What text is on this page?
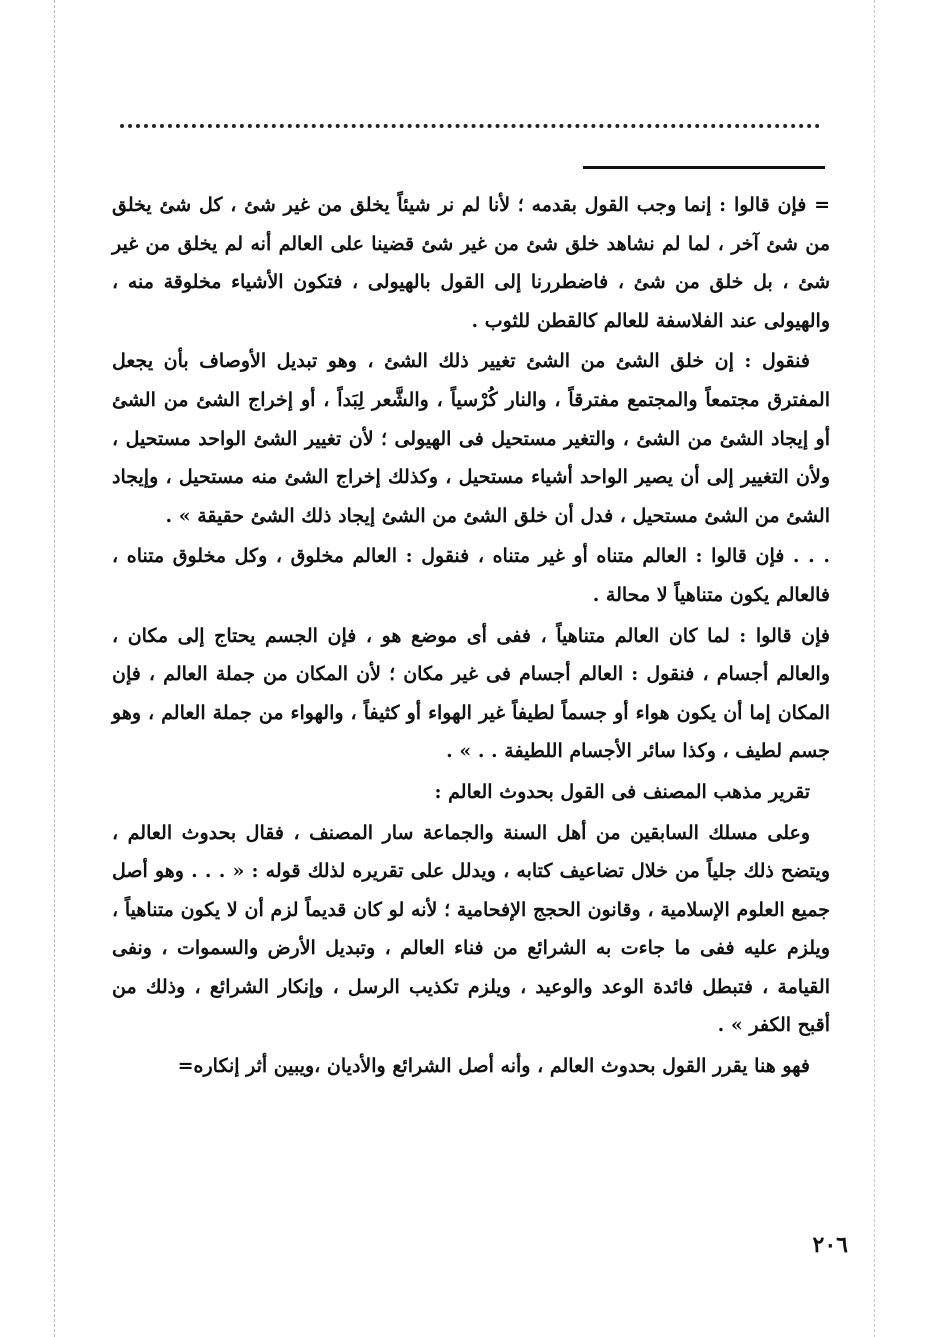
= فإن قالوا : إنما وجب القول بقدمه ؛ لأنا لم نر شيئاً يخلق من غير شئ ، كل شئ يخلق من شئ آخر ، لما لم نشاهد خلق شئ من غير شئ قضينا على العالم أنه لم يخلق من غير شئ ، بل خلق من شئ ، فاضطررنا إلى القول بالهيولى ، فتكون الأشياء مخلوقة منه ، والهيولى عند الفلاسفة للعالم كالقطن للثوب .

فنقول : إن خلق الشئ من الشئ تغيير ذلك الشئ ، وهو تبديل الأوصاف بأن يجعل المفترق مجتمعاً والمجتمع مفترقاً ، والنار كُرْسياً ، والشَّعر لِبَداً ، أو إخراج الشئ من الشئ أو إيجاد الشئ من الشئ ، والتغير مستحيل فى الهيولى ؛ لأن تغيير الشئ الواحد مستحيل ، ولأن التغيير إلى أن يصير الواحد أشياء مستحيل ، وكذلك إخراج الشئ منه مستحيل ، وإيجاد الشئ من الشئ مستحيل ، فدل أن خلق الشئ من الشئ إيجاد ذلك الشئ حقيقة » .

. . . فإن قالوا : العالم متناه أو غير متناه ، فنقول : العالم مخلوق ، وكل مخلوق متناه ، فالعالم يكون متناهياً لا محالة .

فإن قالوا : لما كان العالم متناهياً ، ففى أى موضع هو ، فإن الجسم يحتاج إلى مكان ، والعالم أجسام ، فنقول : العالم أجسام فى غير مكان ؛ لأن المكان من جملة العالم ، فإن المكان إما أن يكون هواء أو جسماً لطيفاً غير الهواء أو كثيفاً ، والهواء من جملة العالم ، وهو جسم لطيف ، وكذا سائر الأجسام اللطيفة . . » .

تقرير مذهب المصنف فى القول بحدوث العالم :

وعلى مسلك السابقين من أهل السنة والجماعة سار المصنف ، فقال بحدوث العالم ، ويتضح ذلك جلياً من خلال تضاعيف كتابه ، ويدلل على تقريره لذلك قوله : « . . . وهو أصل جميع العلوم الإسلامية ، وقانون الحجج الإفحامية ؛ لأنه لو كان قديماً لزم أن لا يكون متناهياً ، ويلزم عليه ففى ما جاءت به الشرائع من فناء العالم ، وتبديل الأرض والسموات ، ونفى القيامة ، فتبطل فائدة الوعد والوعيد ، ويلزم تكذيب الرسل ، وإنكار الشرائع ، وذلك من أقبح الكفر » .

فهو هنا يقرر القول بحدوث العالم ، وأنه أصل الشرائع والأديان ،ويبين أثر إنكاره=

٢٠٦
